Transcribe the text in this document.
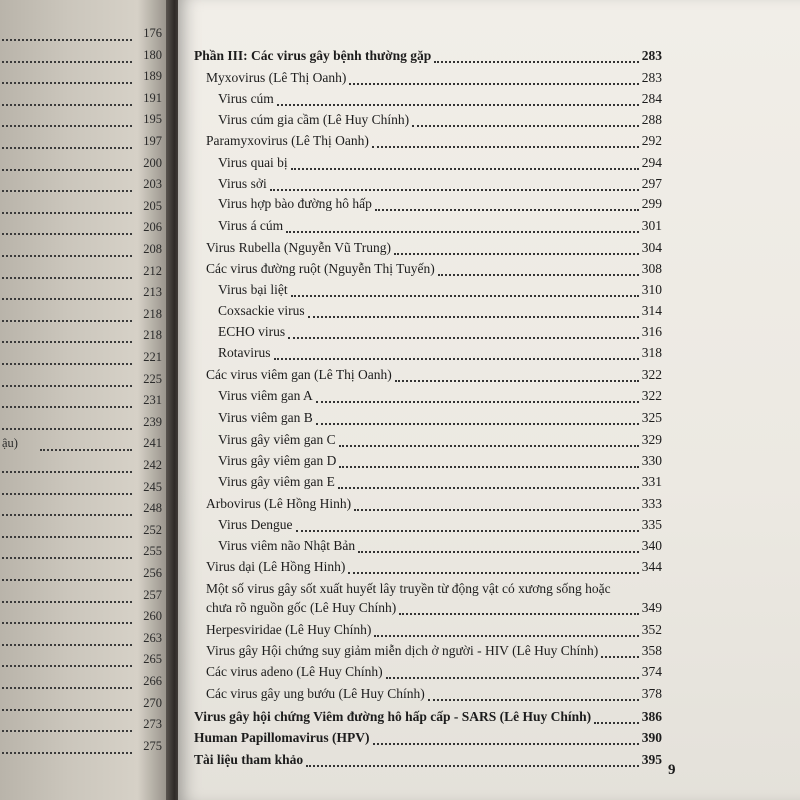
176
180
189
191
195
197
200
203
205
206
208
212
213
218
218
221
225
231
239
ậu)	241
242
245
248
252
255
256
257
260
263
265
266
270
273
275
Phần III: Các virus gây bệnh thường gặp	283
Myxovirus (Lê Thị Oanh)	283
Virus cúm	284
Virus cúm gia cầm (Lê Huy Chính)	288
Paramyxovirus (Lê Thị Oanh)	292
Virus quai bị	294
Virus sởi	297
Virus hợp bào đường hô hấp	299
Virus á cúm	301
Virus Rubella (Nguyễn Vũ Trung)	304
Các virus đường ruột (Nguyễn Thị Tuyến)	308
Virus bại liệt	310
Coxsackie virus	314
ECHO virus	316
Rotavirus	318
Các virus viêm gan (Lê Thị Oanh)	322
Virus viêm gan A	322
Virus viêm gan B	325
Virus gây viêm gan C	329
Virus gây viêm gan D	330
Virus gây viêm gan E	331
Arbovirus (Lê Hồng Hinh)	333
Virus Dengue	335
Virus viêm não Nhật Bản	340
Virus dại (Lê Hồng Hinh)	344
Một số virus gây sốt xuất huyết lây truyền từ động vật có xương sống hoặc
chưa rõ nguồn gốc (Lê Huy Chính)	349
Herpesviridae (Lê Huy Chính)	352
Virus gây Hội chứng suy giảm miễn dịch ở người - HIV (Lê Huy Chính)	358
Các virus adeno (Lê Huy Chính)	374
Các virus gây ung bướu (Lê Huy Chính)	378
Virus gây hội chứng Viêm đường hô hấp cấp - SARS (Lê Huy Chính)	386
Human Papillomavirus (HPV)	390
Tài liệu tham khảo	395
9
